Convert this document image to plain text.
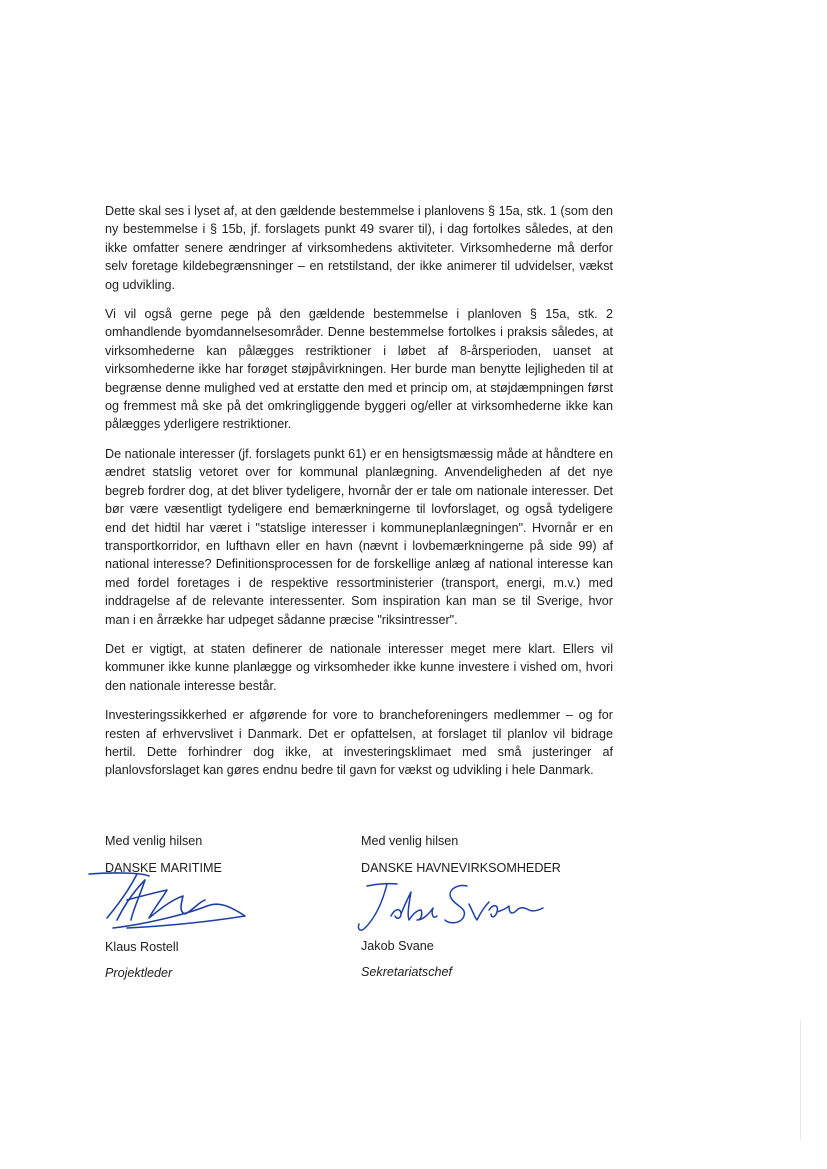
Dette skal ses i lyset af, at den gældende bestemmelse i planlovens § 15a, stk. 1 (som den ny bestemmelse i § 15b, jf. forslagets punkt 49 svarer til), i dag fortolkes således, at den ikke omfatter senere ændringer af virksomhedens aktiviteter. Virksomhederne må derfor selv foretage kildebegrænsninger – en retstilstand, der ikke animerer til udvidelser, vækst og udvikling.

Vi vil også gerne pege på den gældende bestemmelse i planloven § 15a, stk. 2 omhandlende byomdannelsesområder. Denne bestemmelse fortolkes i praksis således, at virksomhederne kan pålægges restriktioner i løbet af 8-årsperioden, uanset at virksomhederne ikke har forøget støjpåvirkningen. Her burde man benytte lejligheden til at begrænse denne mulighed ved at erstatte den med et princip om, at støjdæmpningen først og fremmest må ske på det omkringliggende byggeri og/eller at virksomhederne ikke kan pålægges yderligere restriktioner.

De nationale interesser (jf. forslagets punkt 61) er en hensigtsmæssig måde at håndtere en ændret statslig vetoret over for kommunal planlægning. Anvendeligheden af det nye begreb fordrer dog, at det bliver tydeligere, hvornår der er tale om nationale interesser. Det bør være væsentligt tydeligere end bemærkningerne til lovforslaget, og også tydeligere end det hidtil har været i "statslige interesser i kommuneplanlægningen". Hvornår er en transportkorridor, en lufthavn eller en havn (nævnt i lovbemærkningerne på side 99) af national interesse? Definitionsprocessen for de forskellige anlæg af national interesse kan med fordel foretages i de respektive ressortministerier (transport, energi, m.v.) med inddragelse af de relevante interessenter. Som inspiration kan man se til Sverige, hvor man i en årrække har udpeget sådanne præcise "riksintresser".

Det er vigtigt, at staten definerer de nationale interesser meget mere klart. Ellers vil kommuner ikke kunne planlægge og virksomheder ikke kunne investere i vished om, hvori den nationale interesse består.

Investeringssikkerhed er afgørende for vore to brancheforeningers medlemmer – og for resten af erhvervslivet i Danmark. Det er opfattelsen, at forslaget til planlov vil bidrage hertil. Dette forhindrer dog ikke, at investeringsklimaet med små justeringer af planlovsforslaget kan gøres endnu bedre til gavn for vækst og udvikling i hele Danmark.

Med venlig hilsen
DANSKE MARITIME
Klaus Rostell
Projektleder
Med venlig hilsen
DANSKE HAVNEVIRKSOMHEDER
Jakob Svane
Sekretariatschef
